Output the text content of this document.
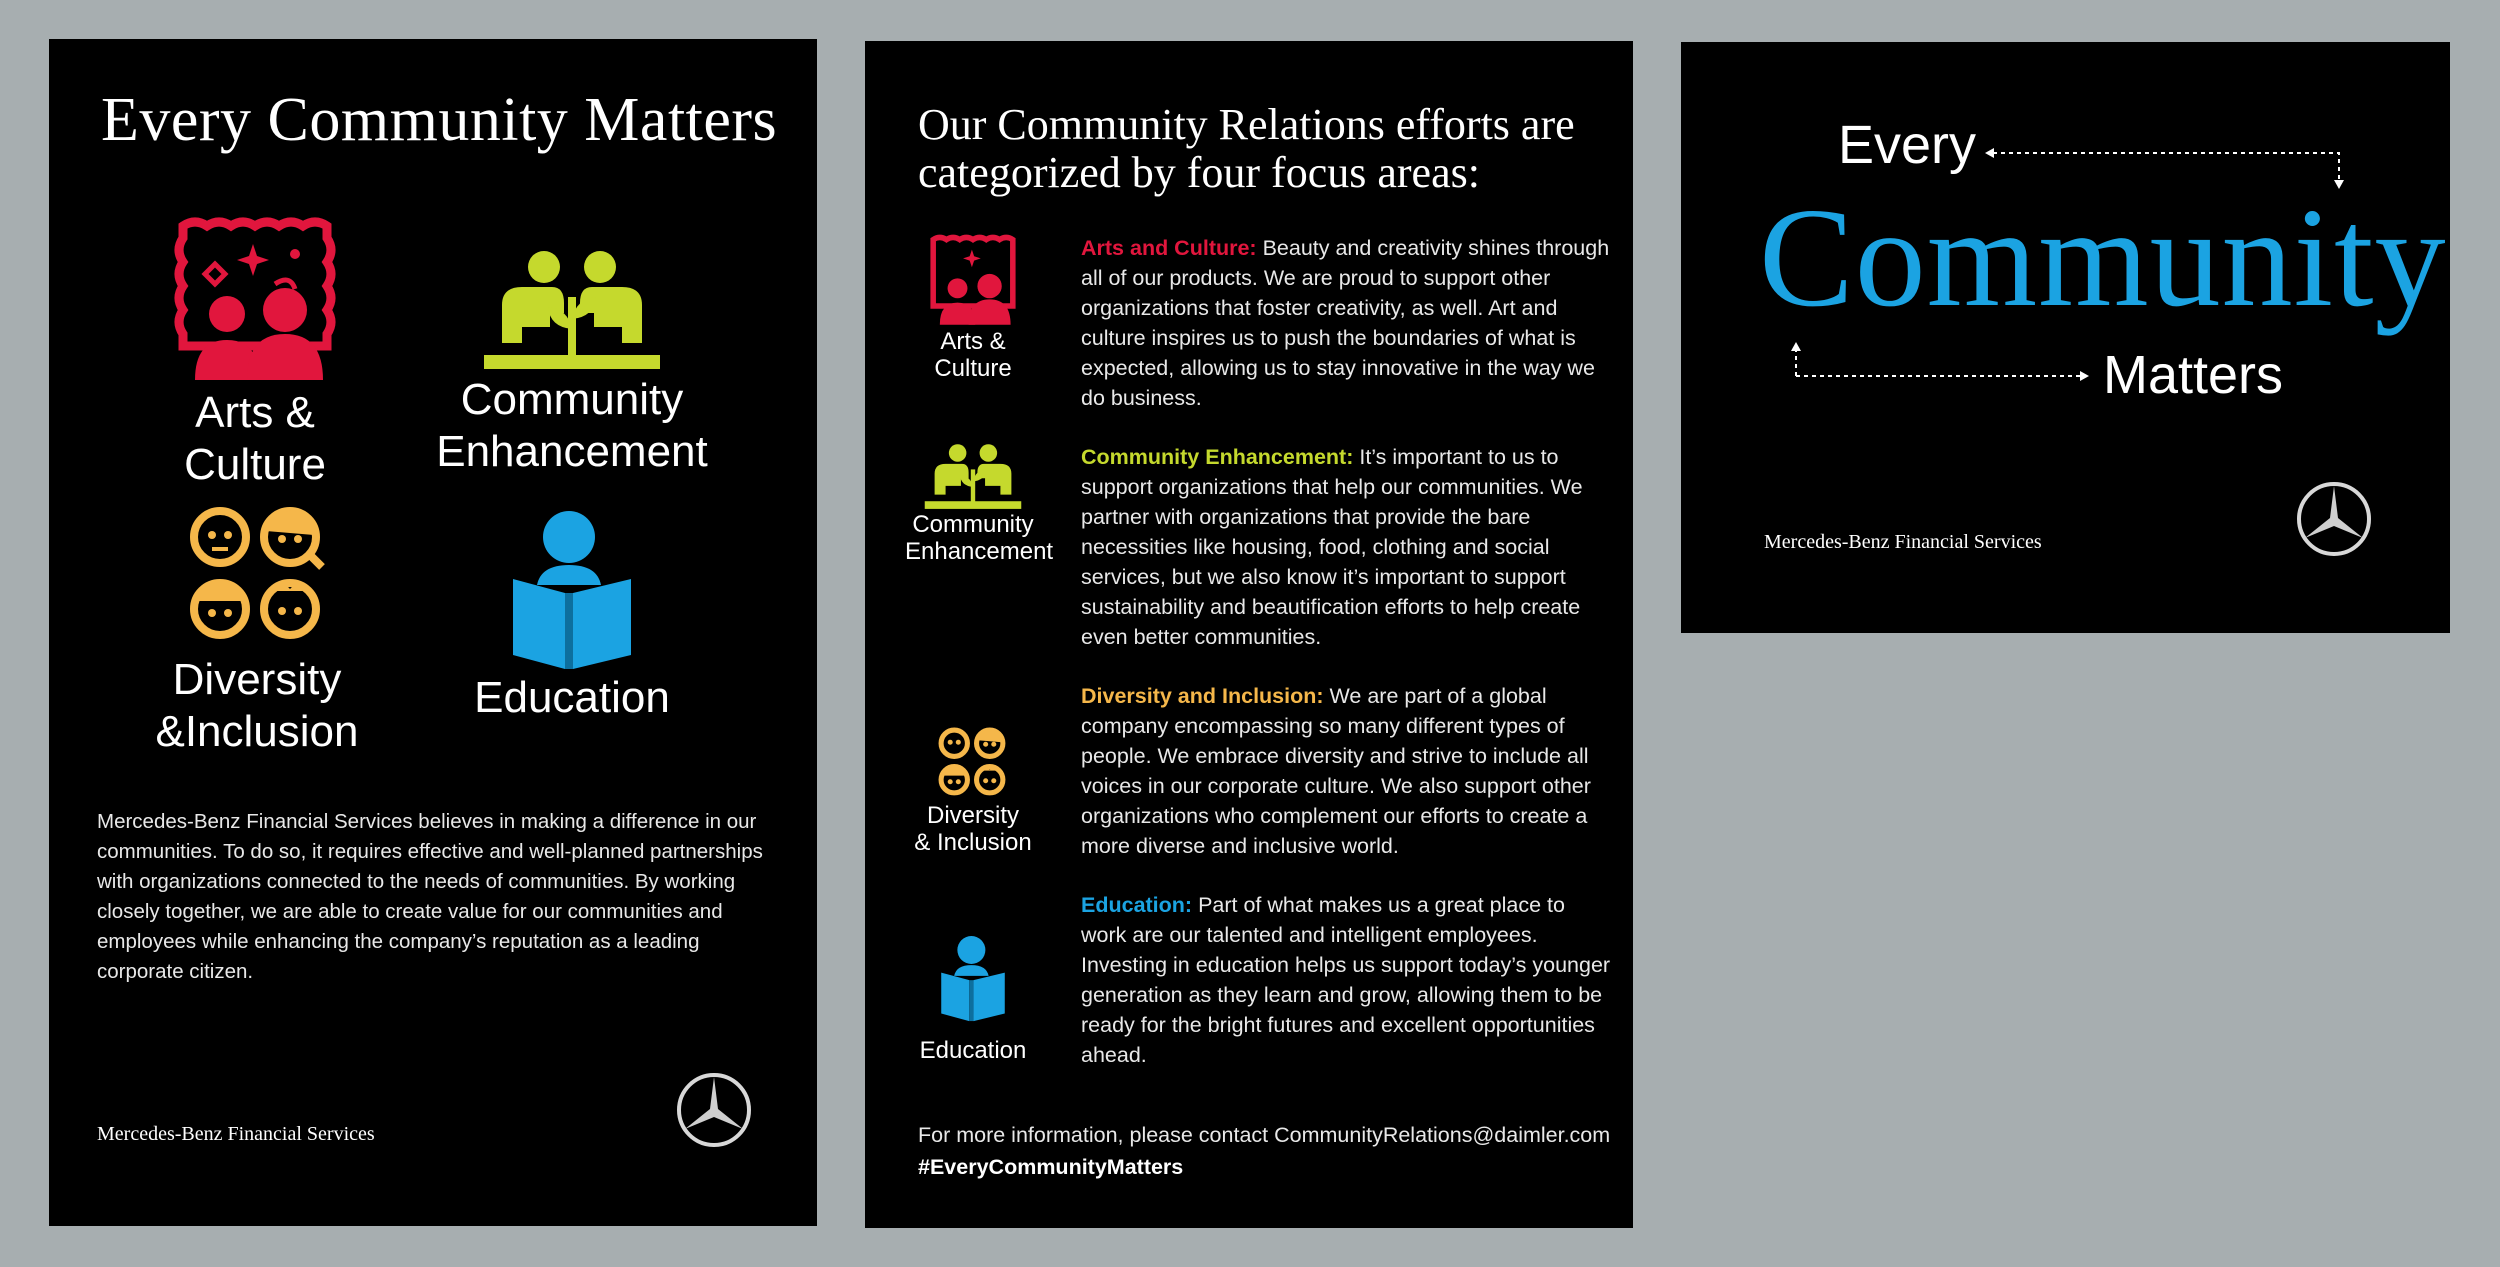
Every Community Matters
Arts &
Culture
Community
Enhancement
Diversity
&Inclusion
Education
Mercedes-Benz Financial Services believes in making a difference in our communities. To do so, it requires effective and well-planned partnerships with organizations connected to the needs of communities. By working closely together, we are able to create value for our communities and employees while enhancing the company’s reputation as a leading corporate citizen.
Mercedes-Benz Financial Services
Our Community Relations efforts are categorized by four focus areas:
Arts &
Culture
Arts and Culture: Beauty and creativity shines through all of our products. We are proud to support other organizations that foster creativity, as well. Art and culture inspires us to push the boundaries of what is expected, allowing us to stay innovative in the way we do business.
Community
Enhancement
Community Enhancement: It’s important to us to support organizations that help our communities. We partner with organizations that provide the bare necessities like housing, food, clothing and social services, but we also know it’s important to support sustainability and beautification efforts to help create even better communities.
Diversity
& Inclusion
Diversity and Inclusion: We are part of a global company encompassing so many different types of people. We embrace diversity and strive to include all voices in our corporate culture. We also support other organizations who complement our efforts to create a more diverse and inclusive world.
Education
Education: Part of what makes us a great place to work are our talented and intelligent employees. Investing in education helps us support today’s younger generation as they learn and grow, allowing them to be ready for the bright futures and excellent opportunities ahead.
For more information, please contact CommunityRelations@daimler.com
#EveryCommunityMatters
Every
Community
Matters
Mercedes-Benz Financial Services
